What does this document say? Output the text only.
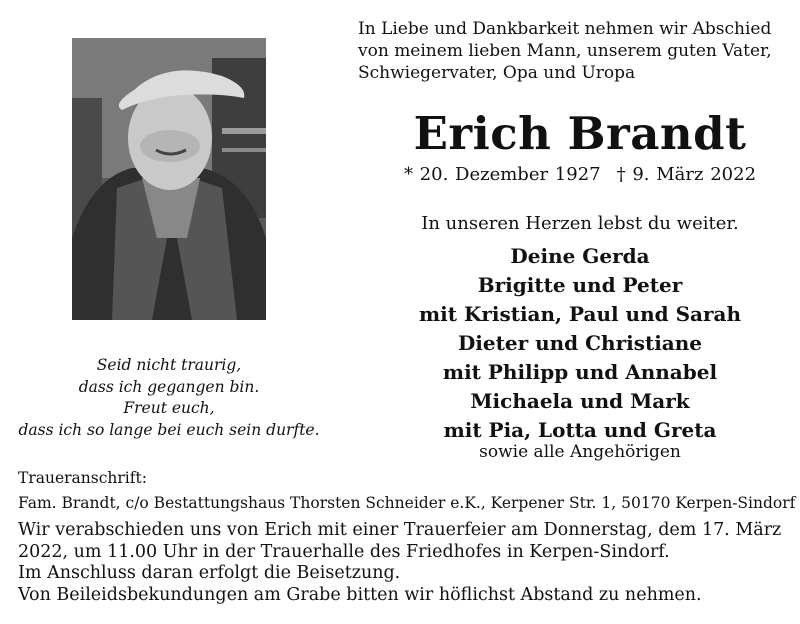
In Liebe und Dankbarkeit nehmen wir Abschied
von meinem lieben Mann, unserem guten Vater,
Schwiegervater, Opa und Uropa
Erich Brandt
* 20. Dezember 1927 † 9. März 2022
In unseren Herzen lebst du weiter.
Deine Gerda
Brigitte und Peter
mit Kristian, Paul und Sarah
Dieter und Christiane
mit Philipp und Annabel
Michaela und Mark
mit Pia, Lotta und Greta
sowie alle Angehörigen
Seid nicht traurig,
dass ich gegangen bin.
Freut euch,
dass ich so lange bei euch sein durfte.
Traueranschrift:
Fam. Brandt, c/o Bestattungshaus Thorsten Schneider e.K., Kerpener Str. 1, 50170 Kerpen-Sindorf
Wir verabschieden uns von Erich mit einer Trauerfeier am Donnerstag, dem 17. März
2022, um 11.00 Uhr in der Trauerhalle des Friedhofes in Kerpen-Sindorf.
Im Anschluss daran erfolgt die Beisetzung.
Von Beileidsbekundungen am Grabe bitten wir höflichst Abstand zu nehmen.
